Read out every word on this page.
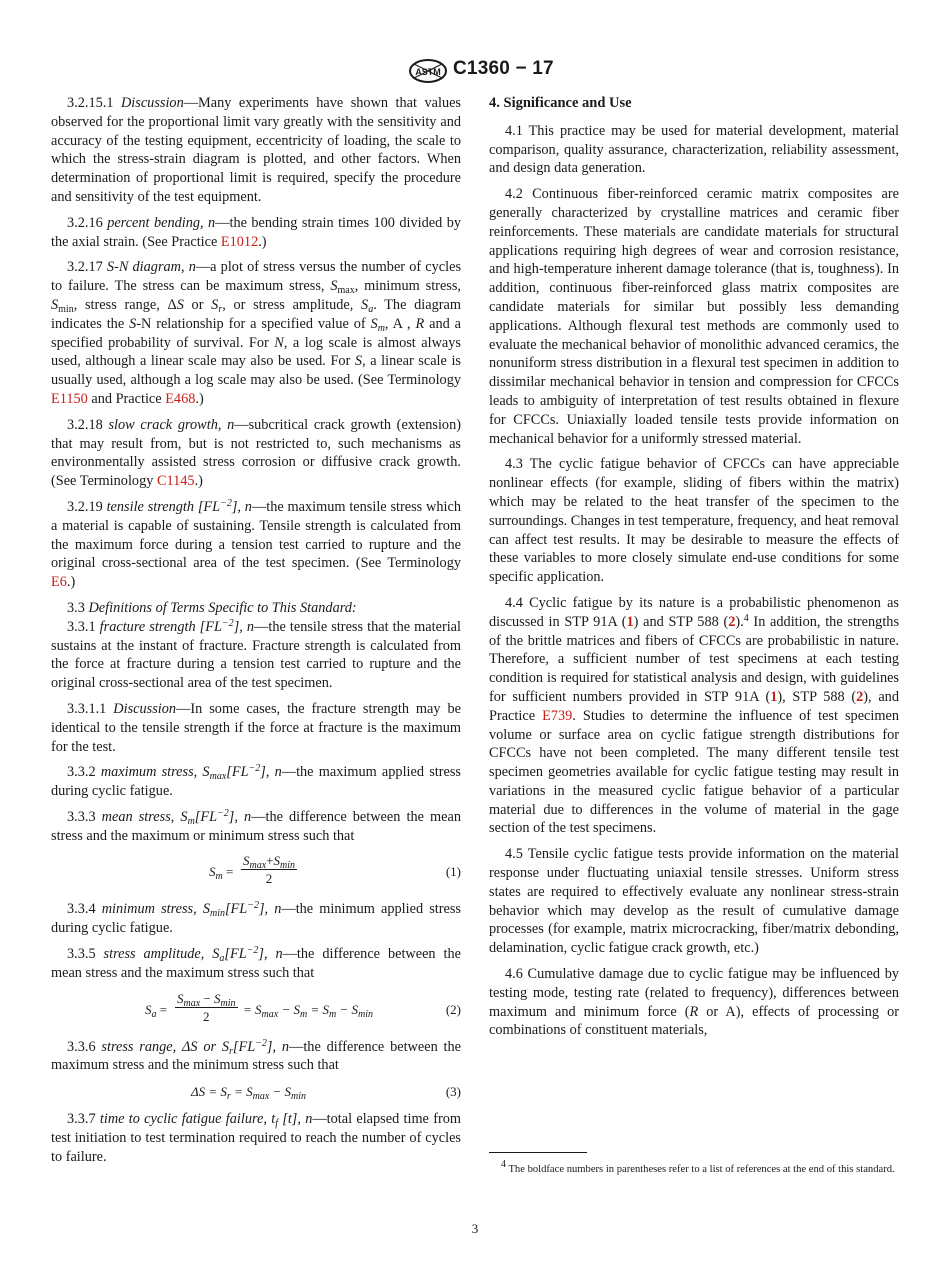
ASTM C1360 − 17

3.2.15.1 Discussion—Many experiments have shown that values observed for the proportional limit vary greatly with the sensitivity and accuracy of the testing equipment, eccentricity of loading, the scale to which the stress-strain diagram is plotted, and other factors. When determination of proportional limit is required, specify the procedure and sensitivity of the test equipment.

3.2.16 percent bending, n—the bending strain times 100 divided by the axial strain. (See Practice E1012.)

3.2.17 S-N diagram, n—a plot of stress versus the number of cycles to failure. The stress can be maximum stress, $S_{max}$, minimum stress, $S_{min}$, stress range, ΔS or $S_r$, or stress amplitude, $S_a$. The diagram indicates the S-N relationship for a specified value of $S_m$, A , R and a specified probability of survival. For N, a log scale is almost always used, although a linear scale may also be used. For S, a linear scale is usually used, although a log scale may also be used. (See Terminology E1150 and Practice E468.)

3.2.18 slow crack growth, n—subcritical crack growth (extension) that may result from, but is not restricted to, such mechanisms as environmentally assisted stress corrosion or diffusive crack growth. (See Terminology C1145.)

3.2.19 tensile strength $[FL^{-2}]$, n—the maximum tensile stress which a material is capable of sustaining. Tensile strength is calculated from the maximum force during a tension test carried to rupture and the original cross-sectional area of the test specimen. (See Terminology E6.)

3.3 Definitions of Terms Specific to This Standard:

3.3.1 fracture strength $[FL^{-2}]$, n—the tensile stress that the material sustains at the instant of fracture. Fracture strength is calculated from the force at fracture during a tension test carried to rupture and the original cross-sectional area of the test specimen.

3.3.1.1 Discussion—In some cases, the fracture strength may be identical to the tensile strength if the force at fracture is the maximum for the test.

3.3.2 maximum stress, $S_{max}[FL^{-2}]$, n—the maximum applied stress during cyclic fatigue.

3.3.3 mean stress, $S_m[FL^{-2}]$, n—the difference between the mean stress and the maximum or minimum stress such that

$S_m$ =
$S_{max}+S_{min}$
2	(1)

3.3.4 minimum stress, $S_{min}[FL^{-2}]$, n—the minimum applied stress during cyclic fatigue.

3.3.5 stress amplitude, $S_a[FL^{-2}]$, n—the difference between the mean stress and the maximum stress such that

$S_a$ =
$S_{max} - S_{min}$
2	= $S_{max} - S_m = S_m - S_{min}$	(2)

3.3.6 stress range, ΔS or $S_r[FL^{-2}]$, n—the difference between the maximum stress and the minimum stress such that

$\Delta S = S_r = S_{max} - S_{min}$	(3)

3.3.7 time to cyclic fatigue failure, $t_f$ [t], n—total elapsed time from test initiation to test termination required to reach the number of cycles to failure.

4. Significance and Use

4.1 This practice may be used for material development, material comparison, quality assurance, characterization, reliability assessment, and design data generation.

4.2 Continuous fiber-reinforced ceramic matrix composites are generally characterized by crystalline matrices and ceramic fiber reinforcements. These materials are candidate materials for structural applications requiring high degrees of wear and corrosion resistance, and high-temperature inherent damage tolerance (that is, toughness). In addition, continuous fiber-reinforced glass matrix composites are candidate materials for similar but possibly less demanding applications. Although flexural test methods are commonly used to evaluate the mechanical behavior of monolithic advanced ceramics, the nonuniform stress distribution in a flexural test specimen in addition to dissimilar mechanical behavior in tension and compression for CFCCs leads to ambiguity of interpretation of test results obtained in flexure for CFCCs. Uniaxially loaded tensile tests provide information on mechanical behavior for a uniformly stressed material.

4.3 The cyclic fatigue behavior of CFCCs can have appreciable nonlinear effects (for example, sliding of fibers within the matrix) which may be related to the heat transfer of the specimen to the surroundings. Changes in test temperature, frequency, and heat removal can affect test results. It may be desirable to measure the effects of these variables to more closely simulate end-use conditions for some specific application.

4.4 Cyclic fatigue by its nature is a probabilistic phenomenon as discussed in STP 91A (1) and STP 588 (2).$^4$ In addition, the strengths of the brittle matrices and fibers of CFCCs are probabilistic in nature. Therefore, a sufficient number of test specimens at each testing condition is required for statistical analysis and design, with guidelines for sufficient numbers provided in STP 91A (1), STP 588 (2), and Practice E739. Studies to determine the influence of test specimen volume or surface area on cyclic fatigue strength distributions for CFCCs have not been completed. The many different tensile test specimen geometries available for cyclic fatigue testing may result in variations in the measured cyclic fatigue behavior of a particular material due to differences in the volume of material in the gage section of the test specimens.

4.5 Tensile cyclic fatigue tests provide information on the material response under fluctuating uniaxial tensile stresses. Uniform stress states are required to effectively evaluate any nonlinear stress-strain behavior which may develop as the result of cumulative damage processes (for example, matrix microcracking, fiber/matrix debonding, delamination, cyclic fatigue crack growth, etc.)

4.6 Cumulative damage due to cyclic fatigue may be influenced by testing mode, testing rate (related to frequency), differences between maximum and minimum force (R or A), effects of processing or combinations of constituent materials,

$^4$ The boldface numbers in parentheses refer to a list of references at the end of this standard.
3
